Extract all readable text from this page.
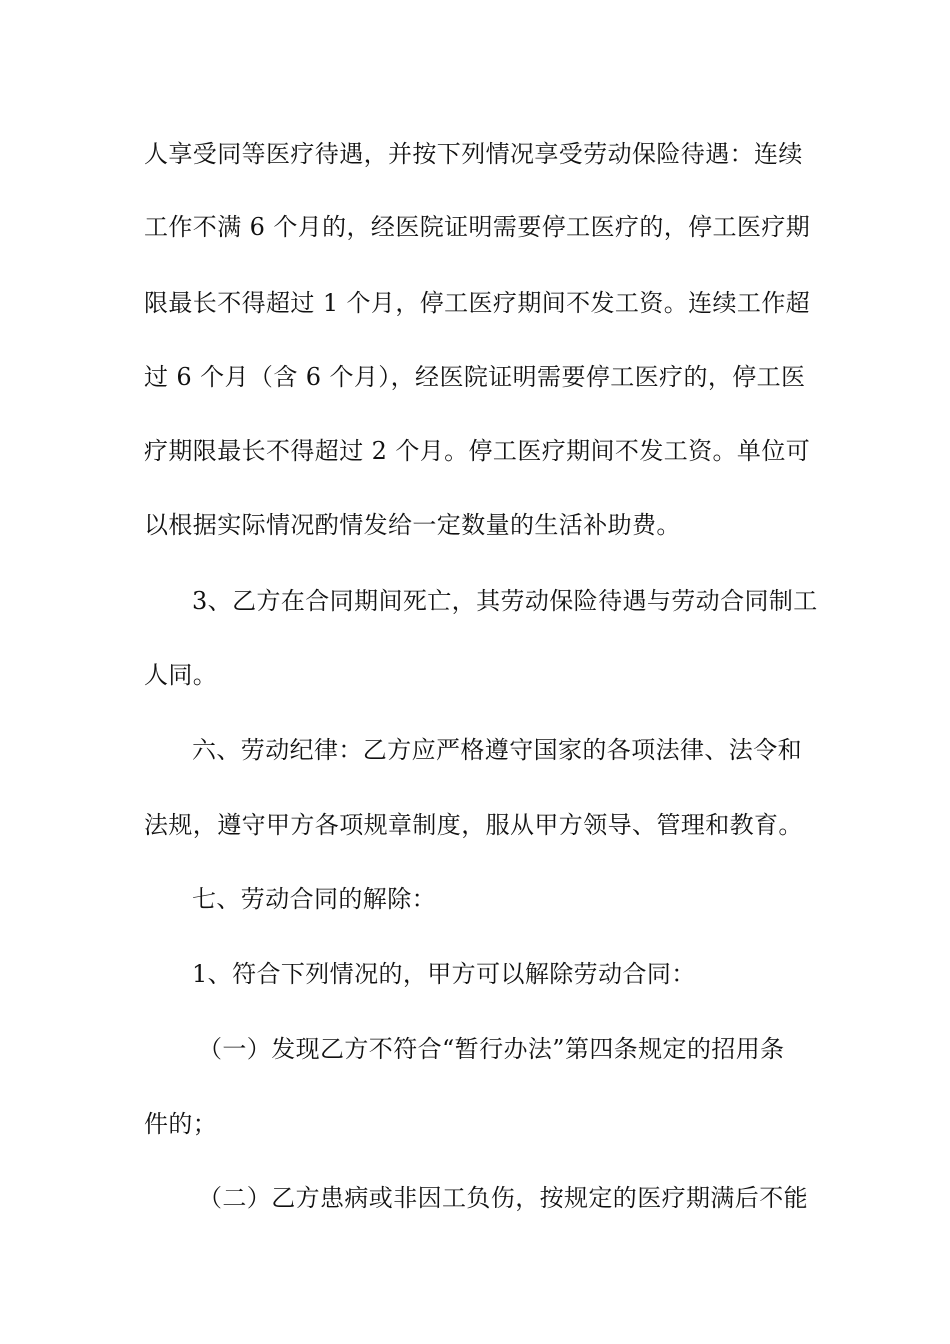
人享受同等医疗待遇，并按下列情况享受劳动保险待遇：连续
工作不满 6 个月的，经医院证明需要停工医疗的，停工医疗期
限最长不得超过 1 个月，停工医疗期间不发工资。连续工作超
过 6 个月（含 6 个月），经医院证明需要停工医疗的，停工医
疗期限最长不得超过 2 个月。停工医疗期间不发工资。单位可
以根据实际情况酌情发给一定数量的生活补助费。
3、乙方在合同期间死亡，其劳动保险待遇与劳动合同制工
人同。
六、劳动纪律：乙方应严格遵守国家的各项法律、法令和
法规，遵守甲方各项规章制度，服从甲方领导、管理和教育。
七、劳动合同的解除：
1、符合下列情况的，甲方可以解除劳动合同：
（一）发现乙方不符合“暂行办法”第四条规定的招用条
件的；
（二）乙方患病或非因工负伤，按规定的医疗期满后不能
